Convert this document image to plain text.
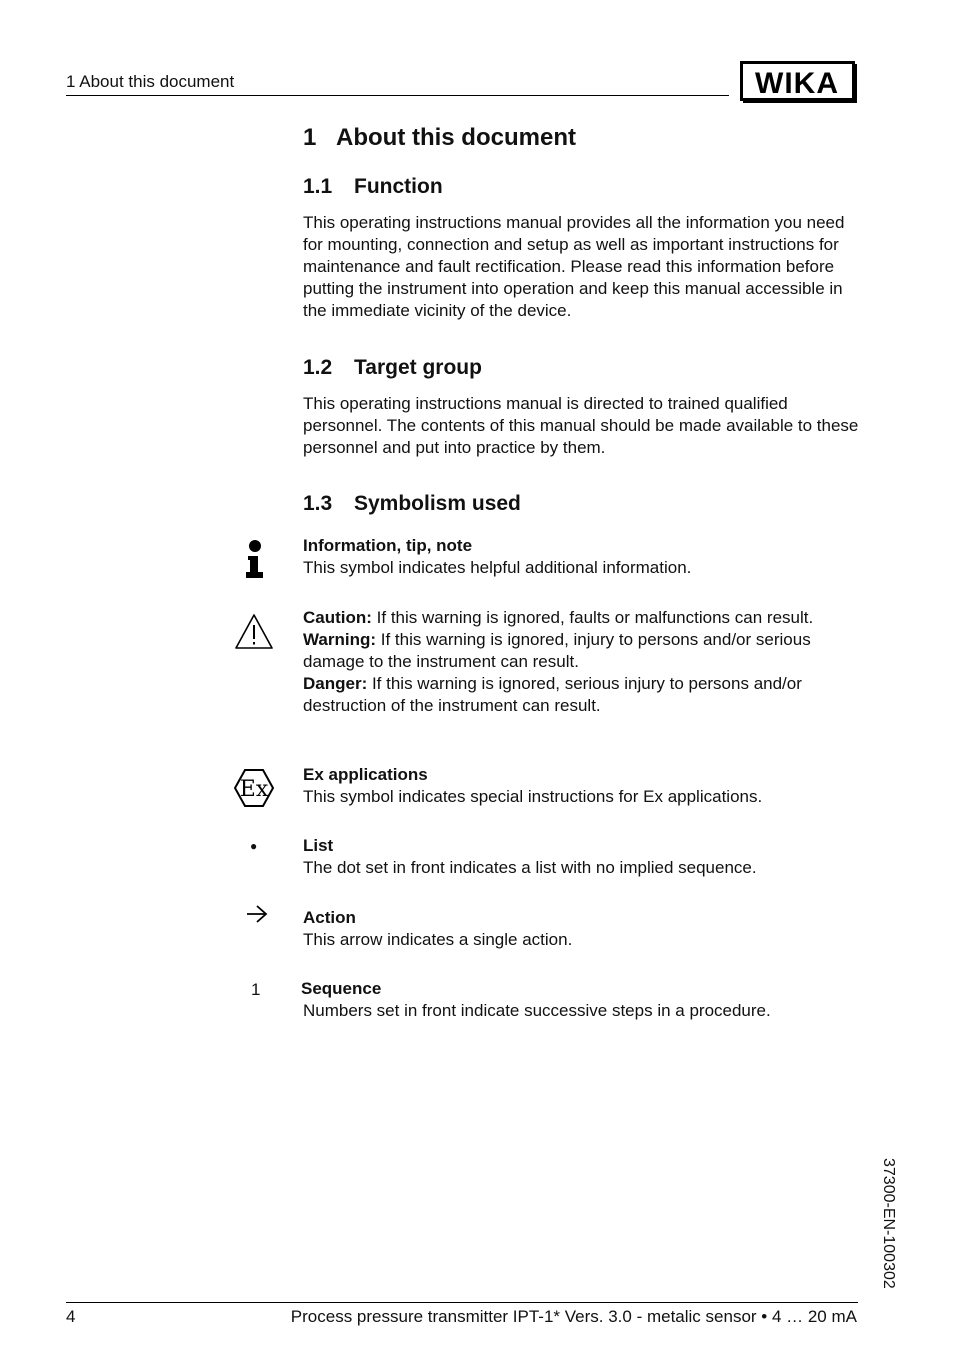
1 About this document	WIKA
1 About this document
1.1 Function

This operating instructions manual provides all the information you need for mounting, connection and setup as well as important instructions for maintenance and fault rectification. Please read this information before putting the instrument into operation and keep this manual accessible in the immediate vicinity of the device.

1.2 Target group

This operating instructions manual is directed to trained qualified personnel. The contents of this manual should be made available to these personnel and put into practice by them.

1.3 Symbolism used
Information, tip, note
This symbol indicates helpful additional information.
Caution: If this warning is ignored, faults or malfunctions can result.
Warning: If this warning is ignored, injury to persons and/or serious damage to the instrument can result.
Danger: If this warning is ignored, serious injury to persons and/or destruction of the instrument can result.
Ex
Ex applications
This symbol indicates special instructions for Ex applications.
●	List
The dot set in front indicates a list with no implied sequence.
Action
This arrow indicates a single action.
1 Sequence
Numbers set in front indicate successive steps in a procedure.
37300-EN-100302
4	Process pressure transmitter IPT-1* Vers. 3.0 - metalic sensor • 4 … 20 mA
